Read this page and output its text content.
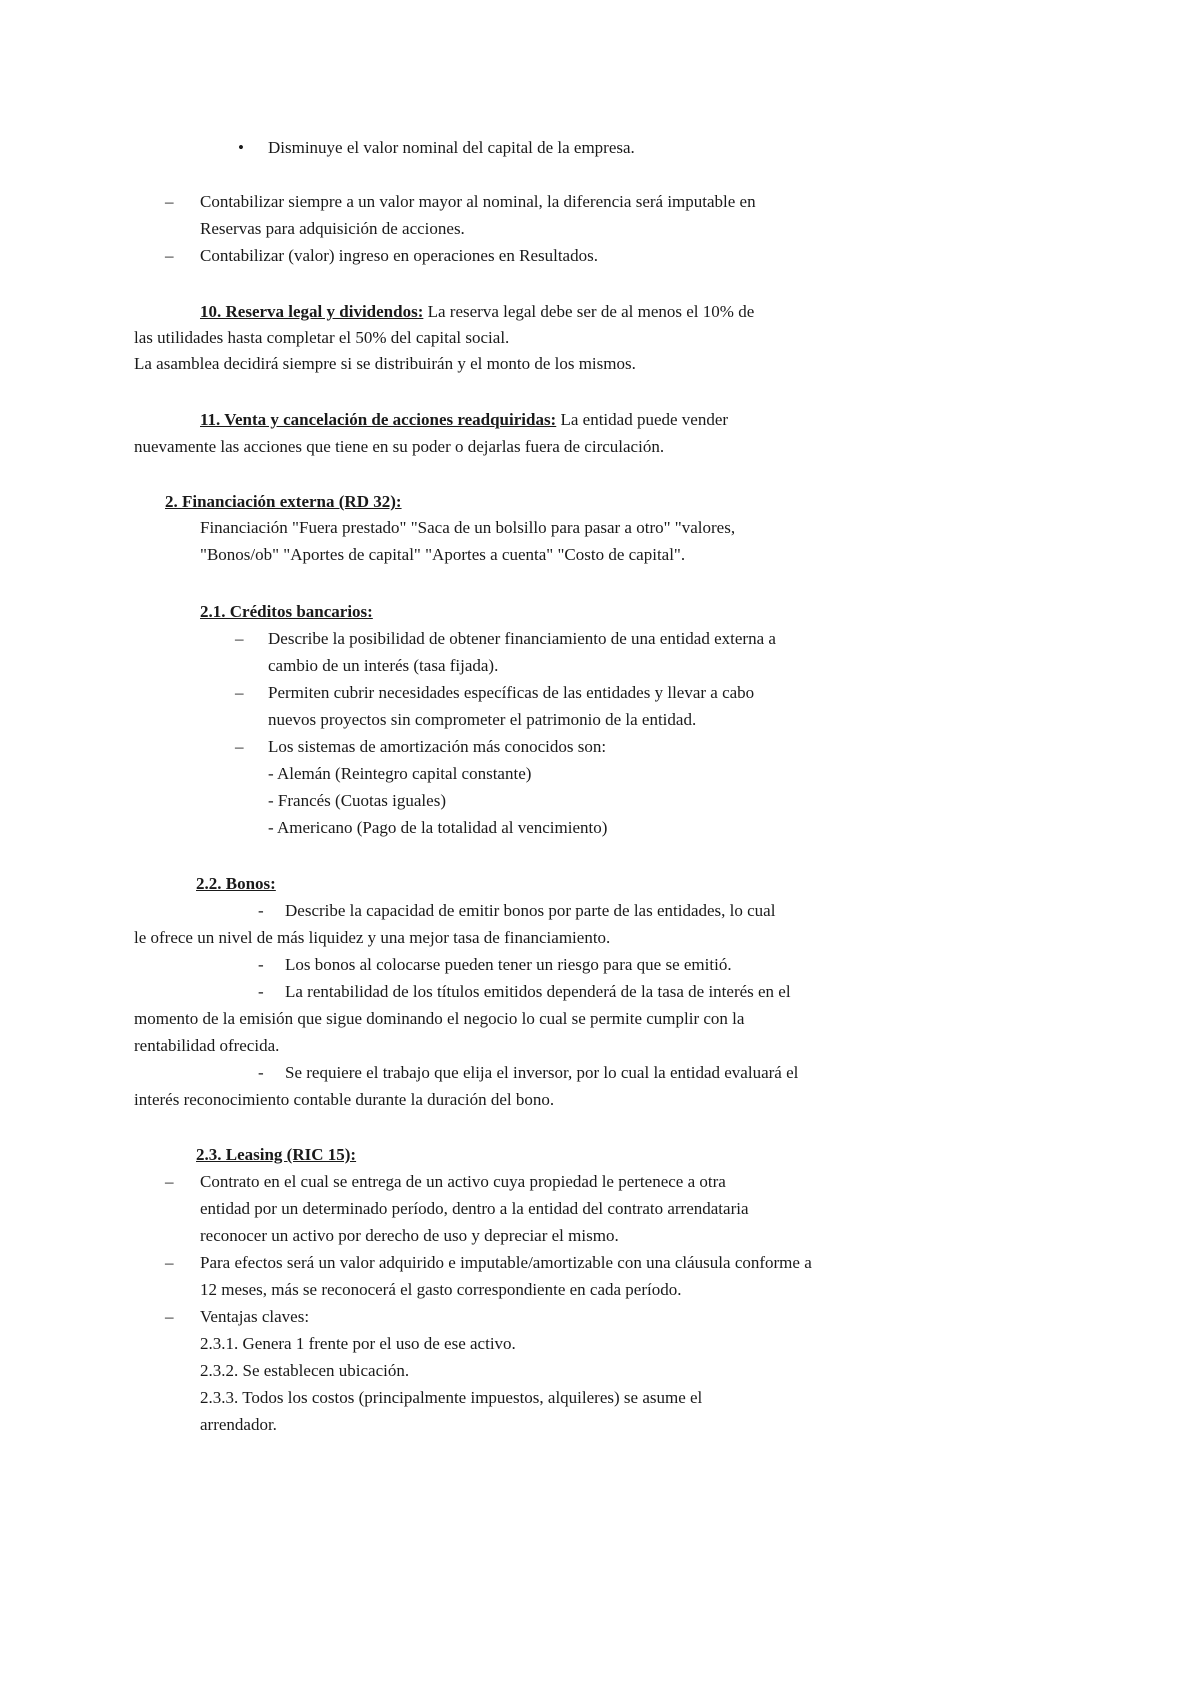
• Disminuye el valor nominal del capital de la empresa.
– Contabilizar siempre a un valor mayor al nominal, la diferencia será imputable en
Reservas para adquisición de acciones.
– Contabilizar (valor) ingreso en operaciones en Resultados.
10. Reserva legal y dividendos: La reserva legal debe ser de al menos el 10% de
las utilidades hasta completar el 50% del capital social.
La asamblea decidirá siempre si se distribuirán y el monto de los mismos.
11. Venta y cancelación de acciones readquiridas: La entidad puede vender
nuevamente las acciones que tiene en su poder o dejarlas fuera de circulación.
2. Financiación externa (RD 32):
Financiación "Fuera prestado" "Saca de un bolsillo para pasar a otro" "valores,
"Bonos/ob" "Aportes de capital" "Aportes a cuenta" "Costo de capital".
2.1. Créditos bancarios:
– Describe la posibilidad de obtener financiamiento de una entidad externa a
cambio de un interés (tasa fijada).
– Permiten cubrir necesidades específicas de las entidades y llevar a cabo
nuevos proyectos sin comprometer el patrimonio de la entidad.
– Los sistemas de amortización más conocidos son:
- Alemán (Reintegro capital constante)
- Francés (Cuotas iguales)
- Americano (Pago de la totalidad al vencimiento)
2.2. Bonos:
- Describe la capacidad de emitir bonos por parte de las entidades, lo cual
le ofrece un nivel de más liquidez y una mejor tasa de financiamiento.
- Los bonos al colocarse pueden tener un riesgo para que se emitió.
- La rentabilidad de los títulos emitidos dependerá de la tasa de interés en el
momento de la emisión que sigue dominando el negocio lo cual se permite cumplir con la
rentabilidad ofrecida.
- Se requiere el trabajo que elija el inversor, por lo cual la entidad evaluará el
interés reconocimiento contable durante la duración del bono.
2.3. Leasing (RIC 15):
– Contrato en el cual se entrega de un activo cuya propiedad le pertenece a otra
entidad por un determinado período, dentro a la entidad del contrato arrendataria
reconocer un activo por derecho de uso y depreciar el mismo.
– Para efectos será un valor adquirido e imputable/amortizable con una cláusula conforme a
12 meses, más se reconocerá el gasto correspondiente en cada período.
– Ventajas claves:
2.3.1. Genera 1 frente por el uso de ese activo.
2.3.2. Se establecen ubicación.
2.3.3. Todos los costos (principalmente impuestos, alquileres) se asume el
arrendador.
